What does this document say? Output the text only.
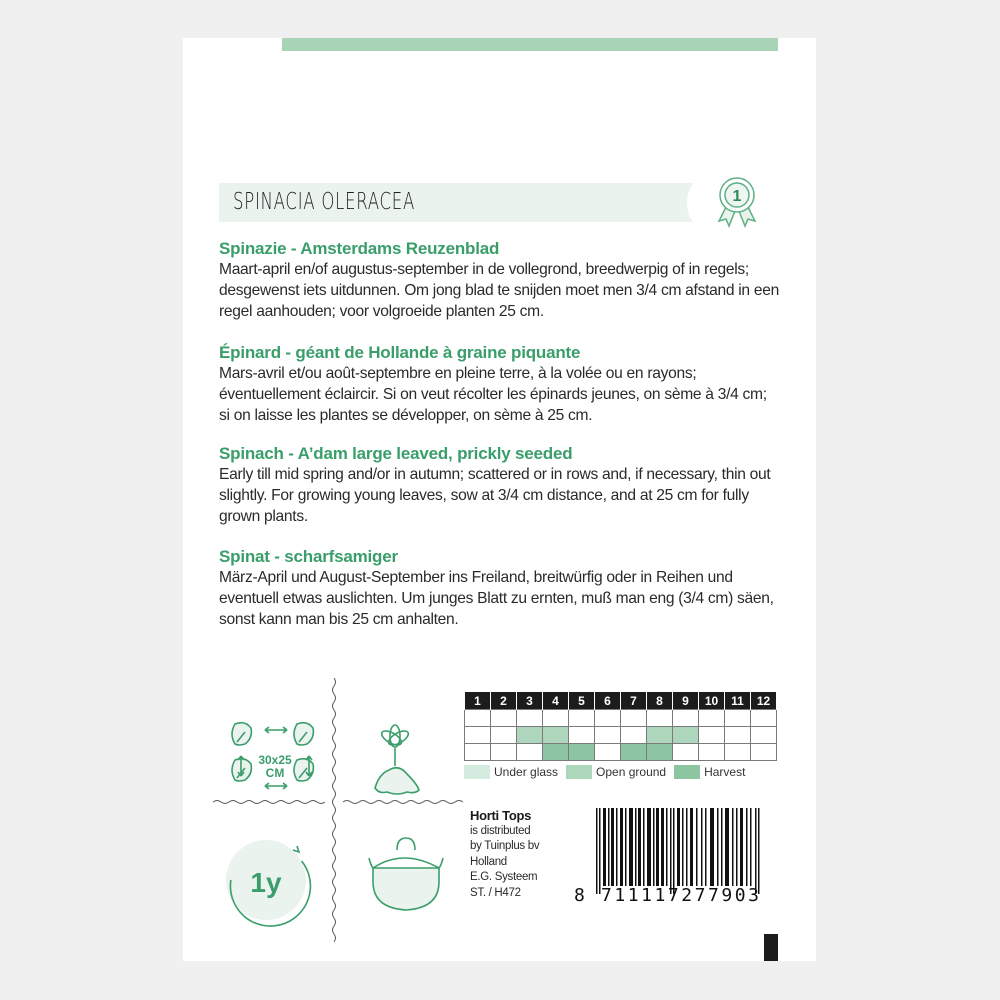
SPINACIA OLERACEA	1
Spinazie - Amsterdams Reuzenblad

Maart-april en/of augustus-september in de vollegrond, breedwerpig of in regels; desgewenst iets uitdunnen. Om jong blad te snijden moet men 3/4 cm afstand in een regel aanhouden; voor volgroeide planten 25 cm.

Épinard - géant de Hollande à graine piquante

Mars-avril et/ou août-septembre en pleine terre, à la volée ou en rayons; éventuellement éclaircir. Si on veut récolter les épinards jeunes, on sème à 3/4 cm; si on laisse les plantes se développer, on sème à 25 cm.

Spinach - A’dam large leaved, prickly seeded

Early till mid spring and/or in autumn; scattered or in rows and, if necessary, thin out slightly. For growing young leaves, sow at 3/4 cm distance, and at 25 cm for fully grown plants.

Spinat - scharfsamiger

März-April und August-September ins Freiland, breitwürfig oder in Reihen und eventuell etwas auslichten. Um junges Blatt zu ernten, muß man eng (3/4 cm) säen, sonst kann man bis 25 cm anhalten.

30x25
CM
1y
1	2	3	4	5	6	7	8	9	10	11	12

Under glass	Open ground	Harvest
Horti Tops
is distributed
by Tuinplus bv
Holland
E.G. Systeem
ST. / H472	8 711117277903
